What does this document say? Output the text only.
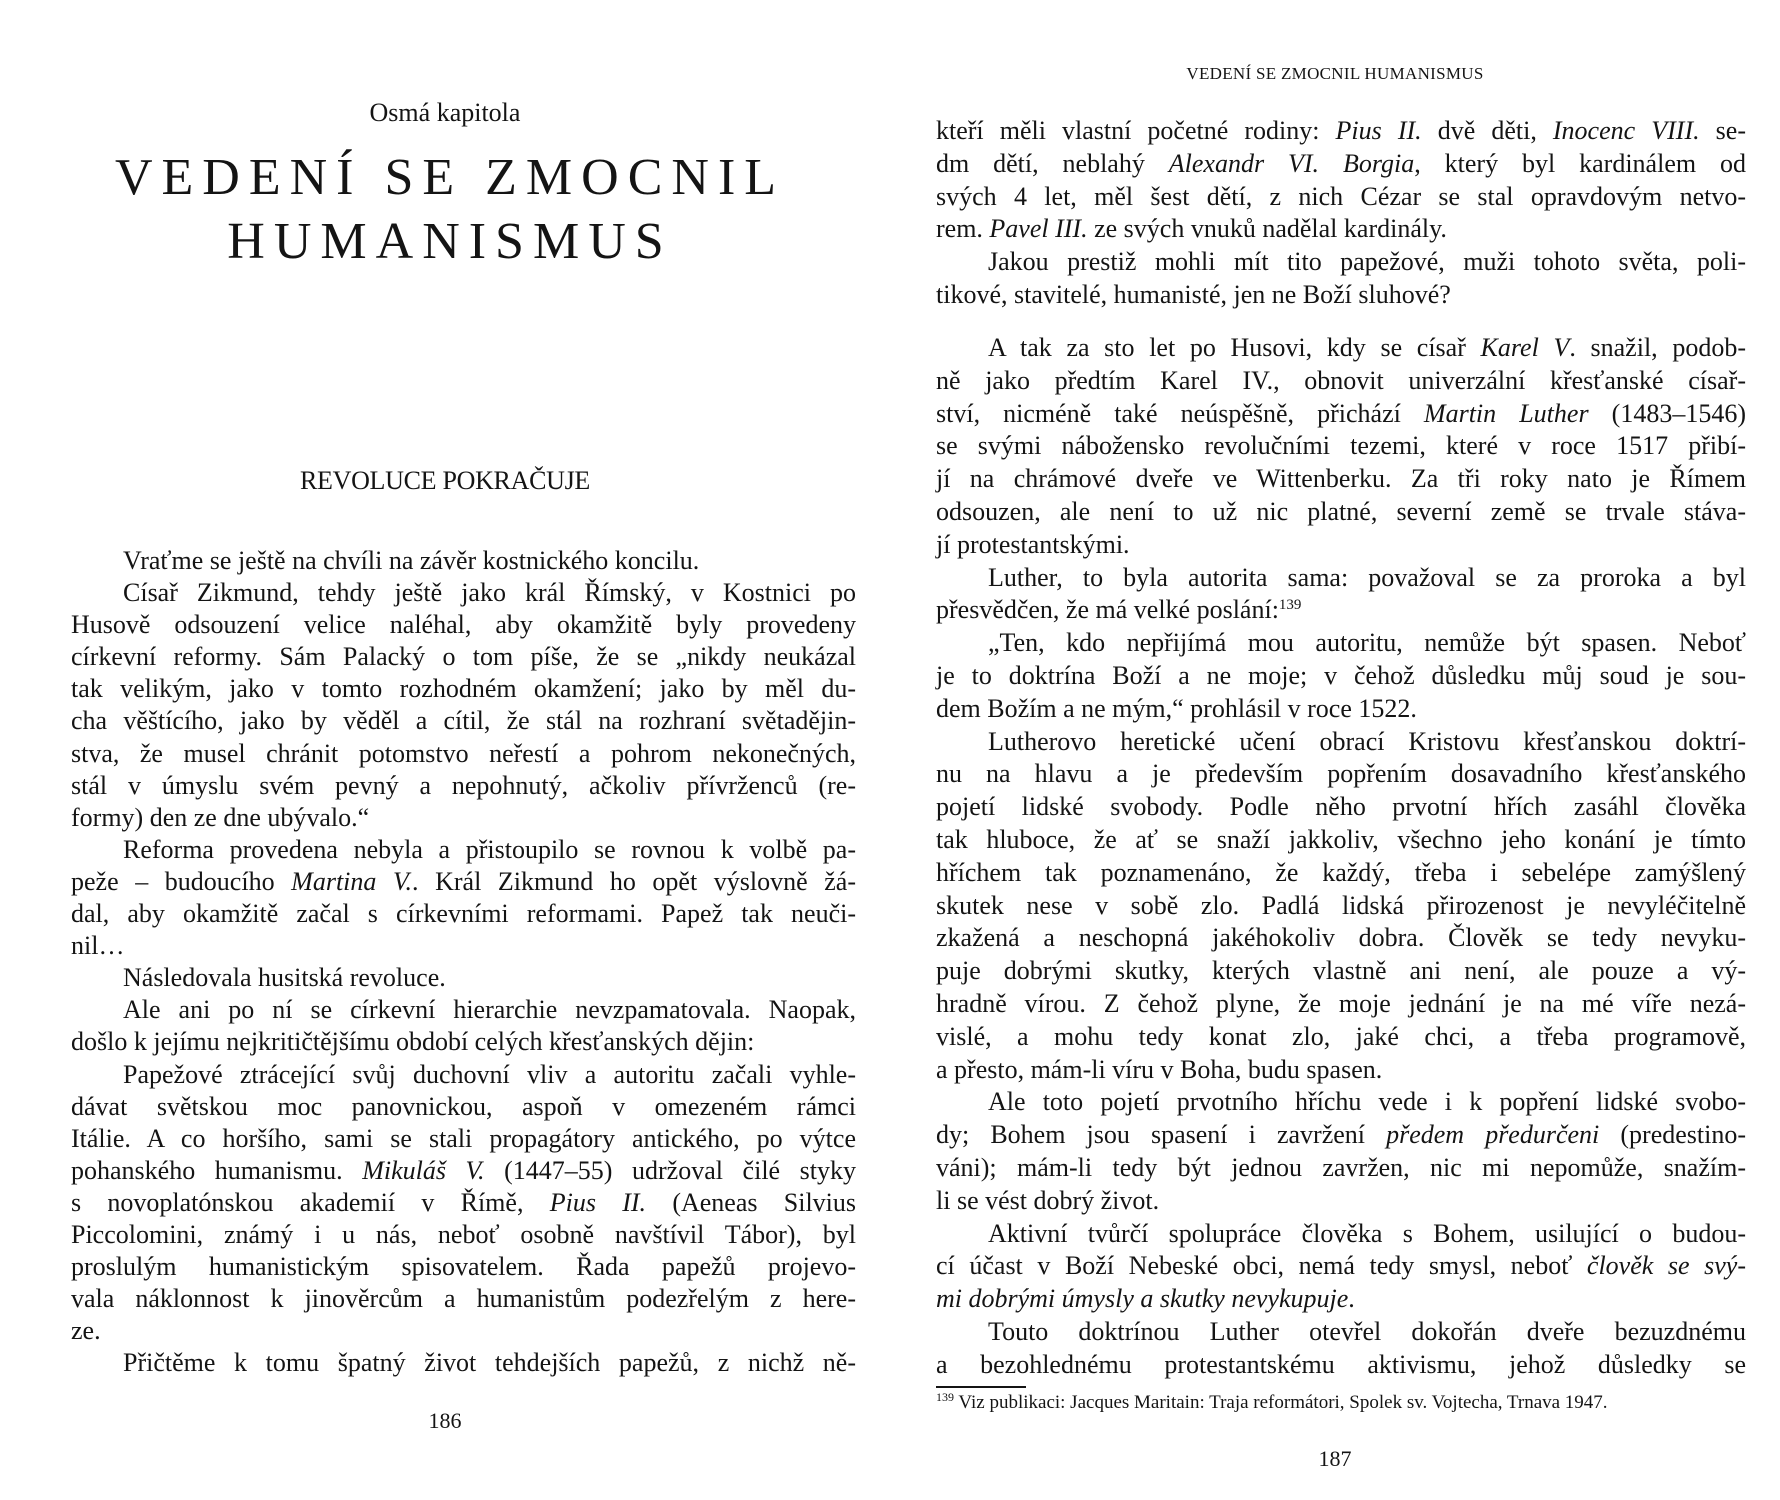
Osmá kapitola
VEDENÍ SE ZMOCNIL
HUMANISMUS
REVOLUCE POKRAČUJE
Vraťme se ještě na chvíli na závěr kostnického koncilu.
Císař Zikmund, tehdy ještě jako král Římský, v Kostnici po
Husově odsouzení velice naléhal, aby okamžitě byly provedeny
církevní reformy. Sám Palacký o tom píše, že se „nikdy neukázal
tak velikým, jako v tomto rozhodném okamžení; jako by měl du-
cha věštícího, jako by věděl a cítil, že stál na rozhraní světadějin-
stva, že musel chránit potomstvo neřestí a pohrom nekonečných,
stál v úmyslu svém pevný a nepohnutý, ačkoliv přívrženců (re-
formy) den ze dne ubývalo.“
Reforma provedena nebyla a přistoupilo se rovnou k volbě pa-
peže – budoucího Martina V.. Král Zikmund ho opět výslovně žá-
dal, aby okamžitě začal s církevními reformami. Papež tak neuči-
nil…
Následovala husitská revoluce.
Ale ani po ní se církevní hierarchie nevzpamatovala. Naopak,
došlo k jejímu nejkritičtějšímu období celých křesťanských dějin:
Papežové ztrácející svůj duchovní vliv a autoritu začali vyhle-
dávat světskou moc panovnickou, aspoň v omezeném rámci
Itálie. A co horšího, sami se stali propagátory antického, po výtce
pohanského humanismu. Mikuláš V. (1447–55) udržoval čilé styky
s novoplatónskou akademií v Římě, Pius II. (Aeneas Silvius
Piccolomini, známý i u nás, neboť osobně navštívil Tábor), byl
proslulým humanistickým spisovatelem. Řada papežů projevo-
vala náklonnost k jinověrcům a humanistům podezřelým z here-
ze.
Přičtěme k tomu špatný život tehdejších papežů, z nichž ně-
186
VEDENÍ SE ZMOCNIL HUMANISMUS
kteří měli vlastní početné rodiny: Pius II. dvě děti, Inocenc VIII. se-
dm dětí, neblahý Alexandr VI. Borgia, který byl kardinálem od
svých 4 let, měl šest dětí, z nich Cézar se stal opravdovým netvo-
rem. Pavel III. ze svých vnuků nadělal kardinály.
Jakou prestiž mohli mít tito papežové, muži tohoto světa, poli-
tikové, stavitelé, humanisté, jen ne Boží sluhové?
A tak za sto let po Husovi, kdy se císař Karel V. snažil, podob-
ně jako předtím Karel IV., obnovit univerzální křesťanské císař-
ství, nicméně také neúspěšně, přichází Martin Luther (1483–1546)
se svými nábožensko revolučními tezemi, které v roce 1517 přibí-
jí na chrámové dveře ve Wittenberku. Za tři roky nato je Římem
odsouzen, ale není to už nic platné, severní země se trvale stáva-
jí protestantskými.
Luther, to byla autorita sama: považoval se za proroka a byl
přesvědčen, že má velké poslání:$^{139}$
„Ten, kdo nepřijímá mou autoritu, nemůže být spasen. Neboť
je to doktrína Boží a ne moje; v čehož důsledku můj soud je sou-
dem Božím a ne mým,“ prohlásil v roce 1522.
Lutherovo heretické učení obrací Kristovu křesťanskou doktrí-
nu na hlavu a je především popřením dosavadního křesťanského
pojetí lidské svobody. Podle něho prvotní hřích zasáhl člověka
tak hluboce, že ať se snaží jakkoliv, všechno jeho konání je tímto
hříchem tak poznamenáno, že každý, třeba i sebelépe zamýšlený
skutek nese v sobě zlo. Padlá lidská přirozenost je nevyléčitelně
zkažená a neschopná jakéhokoliv dobra. Člověk se tedy nevyku-
puje dobrými skutky, kterých vlastně ani není, ale pouze a vý-
hradně vírou. Z čehož plyne, že moje jednání je na mé víře nezá-
vislé, a mohu tedy konat zlo, jaké chci, a třeba programově,
a přesto, mám-li víru v Boha, budu spasen.
Ale toto pojetí prvotního hříchu vede i k popření lidské svobo-
dy; Bohem jsou spasení i zavržení předem předurčeni (predestino-
váni); mám-li tedy být jednou zavržen, nic mi nepomůže, snažím-
li se vést dobrý život.
Aktivní tvůrčí spolupráce člověka s Bohem, usilující o budou-
cí účast v Boží Nebeské obci, nemá tedy smysl, neboť člověk se svý-
mi dobrými úmysly a skutky nevykupuje.
Touto doktrínou Luther otevřel dokořán dveře bezuzdnému
a bezohlednému protestantskému aktivismu, jehož důsledky se
$^{139}$ Viz publikaci: Jacques Maritain: Traja reformátori, Spolek sv. Vojtecha, Trnava 1947.
187
